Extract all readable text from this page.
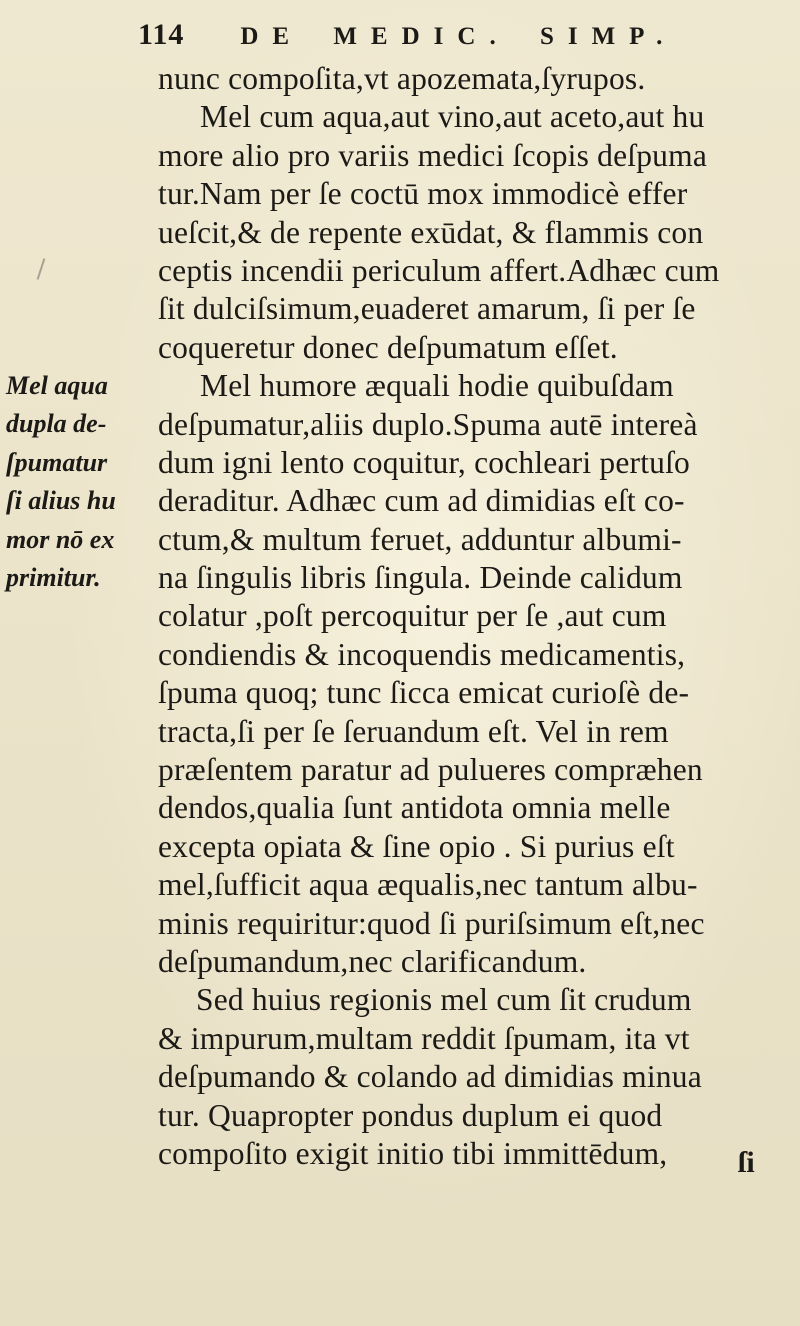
114 DE MEDIC. SIMP.
Mel aqua
dupla de-
ſpumatur
ſi alius hu
mor nō ex
primitur.
nunc compoſita,vt apozemata,ſyrupos.
Mel cum aqua,aut vino,aut aceto,aut hu
more alio pro variis medici ſcopis deſpuma
tur.Nam per ſe coctū mox immodicè effer
ueſcit,& de repente exūdat, & flammis con
ceptis incendii periculum affert.Adhæc cum
ſit dulciſsimum,euaderet amarum, ſi per ſe
coqueretur donec deſpumatum eſſet.
Mel humore æquali hodie quibuſdam
deſpumatur,aliis duplo.Spuma autē intereà
dum igni lento coquitur, cochleari pertuſo
deraditur. Adhæc cum ad dimidias eſt co-
ctum,& multum feruet, adduntur albumi-
na ſingulis libris ſingula. Deinde calidum
colatur ,poſt percoquitur per ſe ,aut cum
condiendis & incoquendis medicamentis,
ſpuma quoq; tunc ſicca emicat curioſè de-
tracta,ſi per ſe ſeruandum eſt. Vel in rem
præſentem paratur ad pulueres compræhen
dendos,qualia ſunt antidota omnia melle
excepta opiata & ſine opio . Si purius eſt
mel,ſufficit aqua æqualis,nec tantum albu-
minis requiritur:quod ſi puriſsimum eſt,nec
deſpumandum,nec clarificandum.
Sed huius regionis mel cum ſit crudum
& impurum,multam reddit ſpumam, ita vt
deſpumando & colando ad dimidias minua
tur. Quapropter pondus duplum ei quod
compoſito exigit initio tibi immittēdum,	ſi
